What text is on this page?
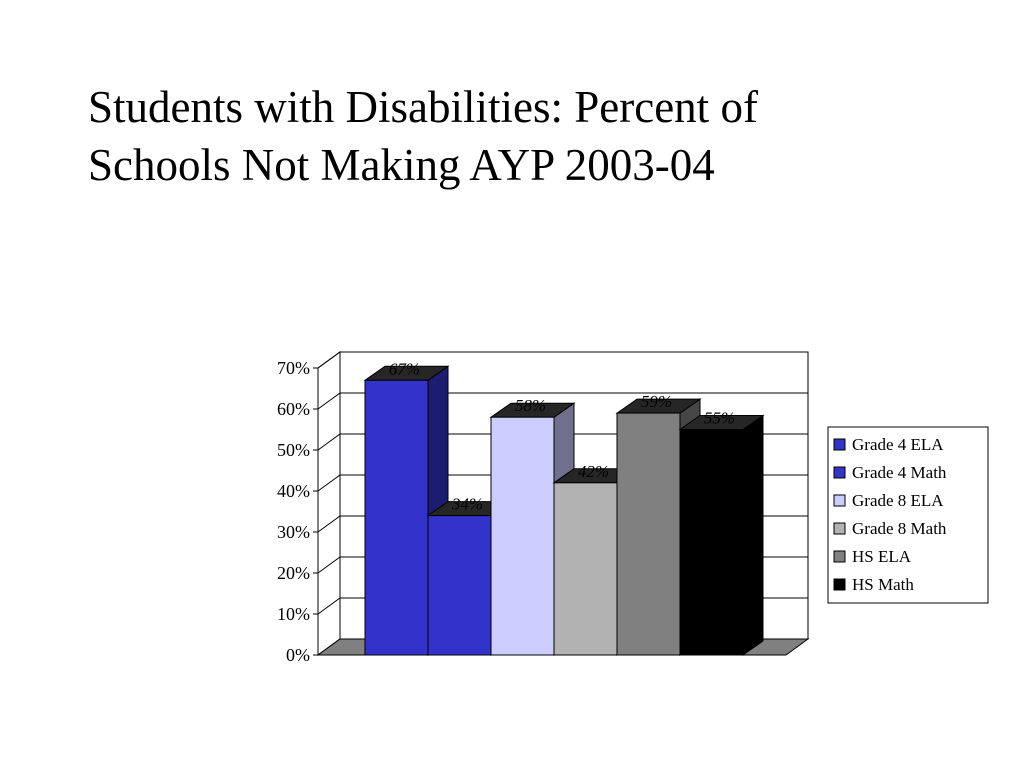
Students with Disabilities: Percent of
Schools Not Making AYP 2003-04
0%
10%
20%
30%
40%
50%
60%
70%	67%
34%
58%
42%
59%
55%
Grade 4 ELA
Grade 4 Math
Grade 8 ELA
Grade 8 Math
HS ELA
HS Math
